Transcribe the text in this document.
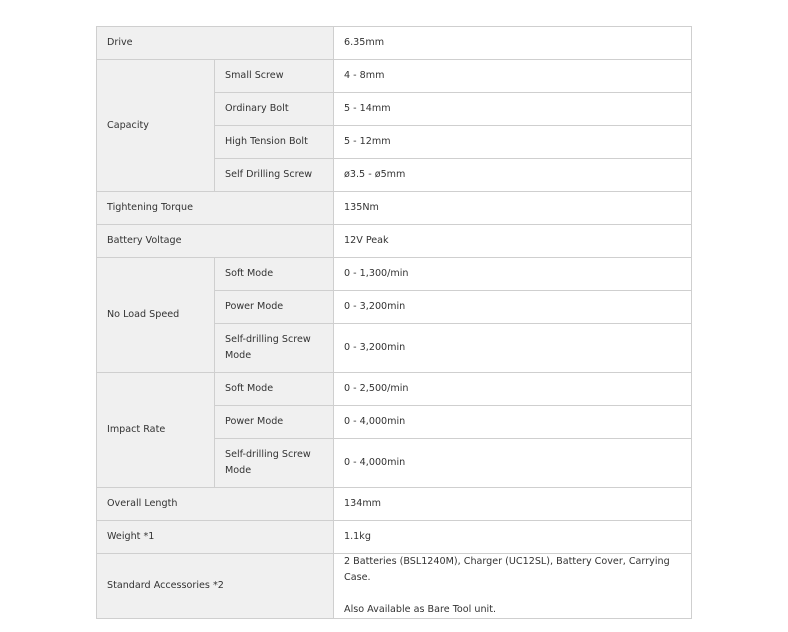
Drive		6.35mm
Capacity	Small Screw	4 - 8mm
	Ordinary Bolt	5 - 14mm
	High Tension Bolt	5 - 12mm
	Self Drilling Screw	ø3.5 - ø5mm
Tightening Torque		135Nm
Battery Voltage		12V Peak
No Load Speed	Soft Mode	0 - 1,300/min
	Power Mode	0 - 3,200min
	Self-drilling Screw Mode	0 - 3,200min
Impact Rate	Soft Mode	0 - 2,500/min
	Power Mode	0 - 4,000min
	Self-drilling Screw Mode	0 - 4,000min
Overall Length		134mm
Weight *1		1.1kg
Standard Accessories *2		2 Batteries (BSL1240M), Charger (UC12SL), Battery Cover, Carrying Case.
Also Available as Bare Tool unit.
